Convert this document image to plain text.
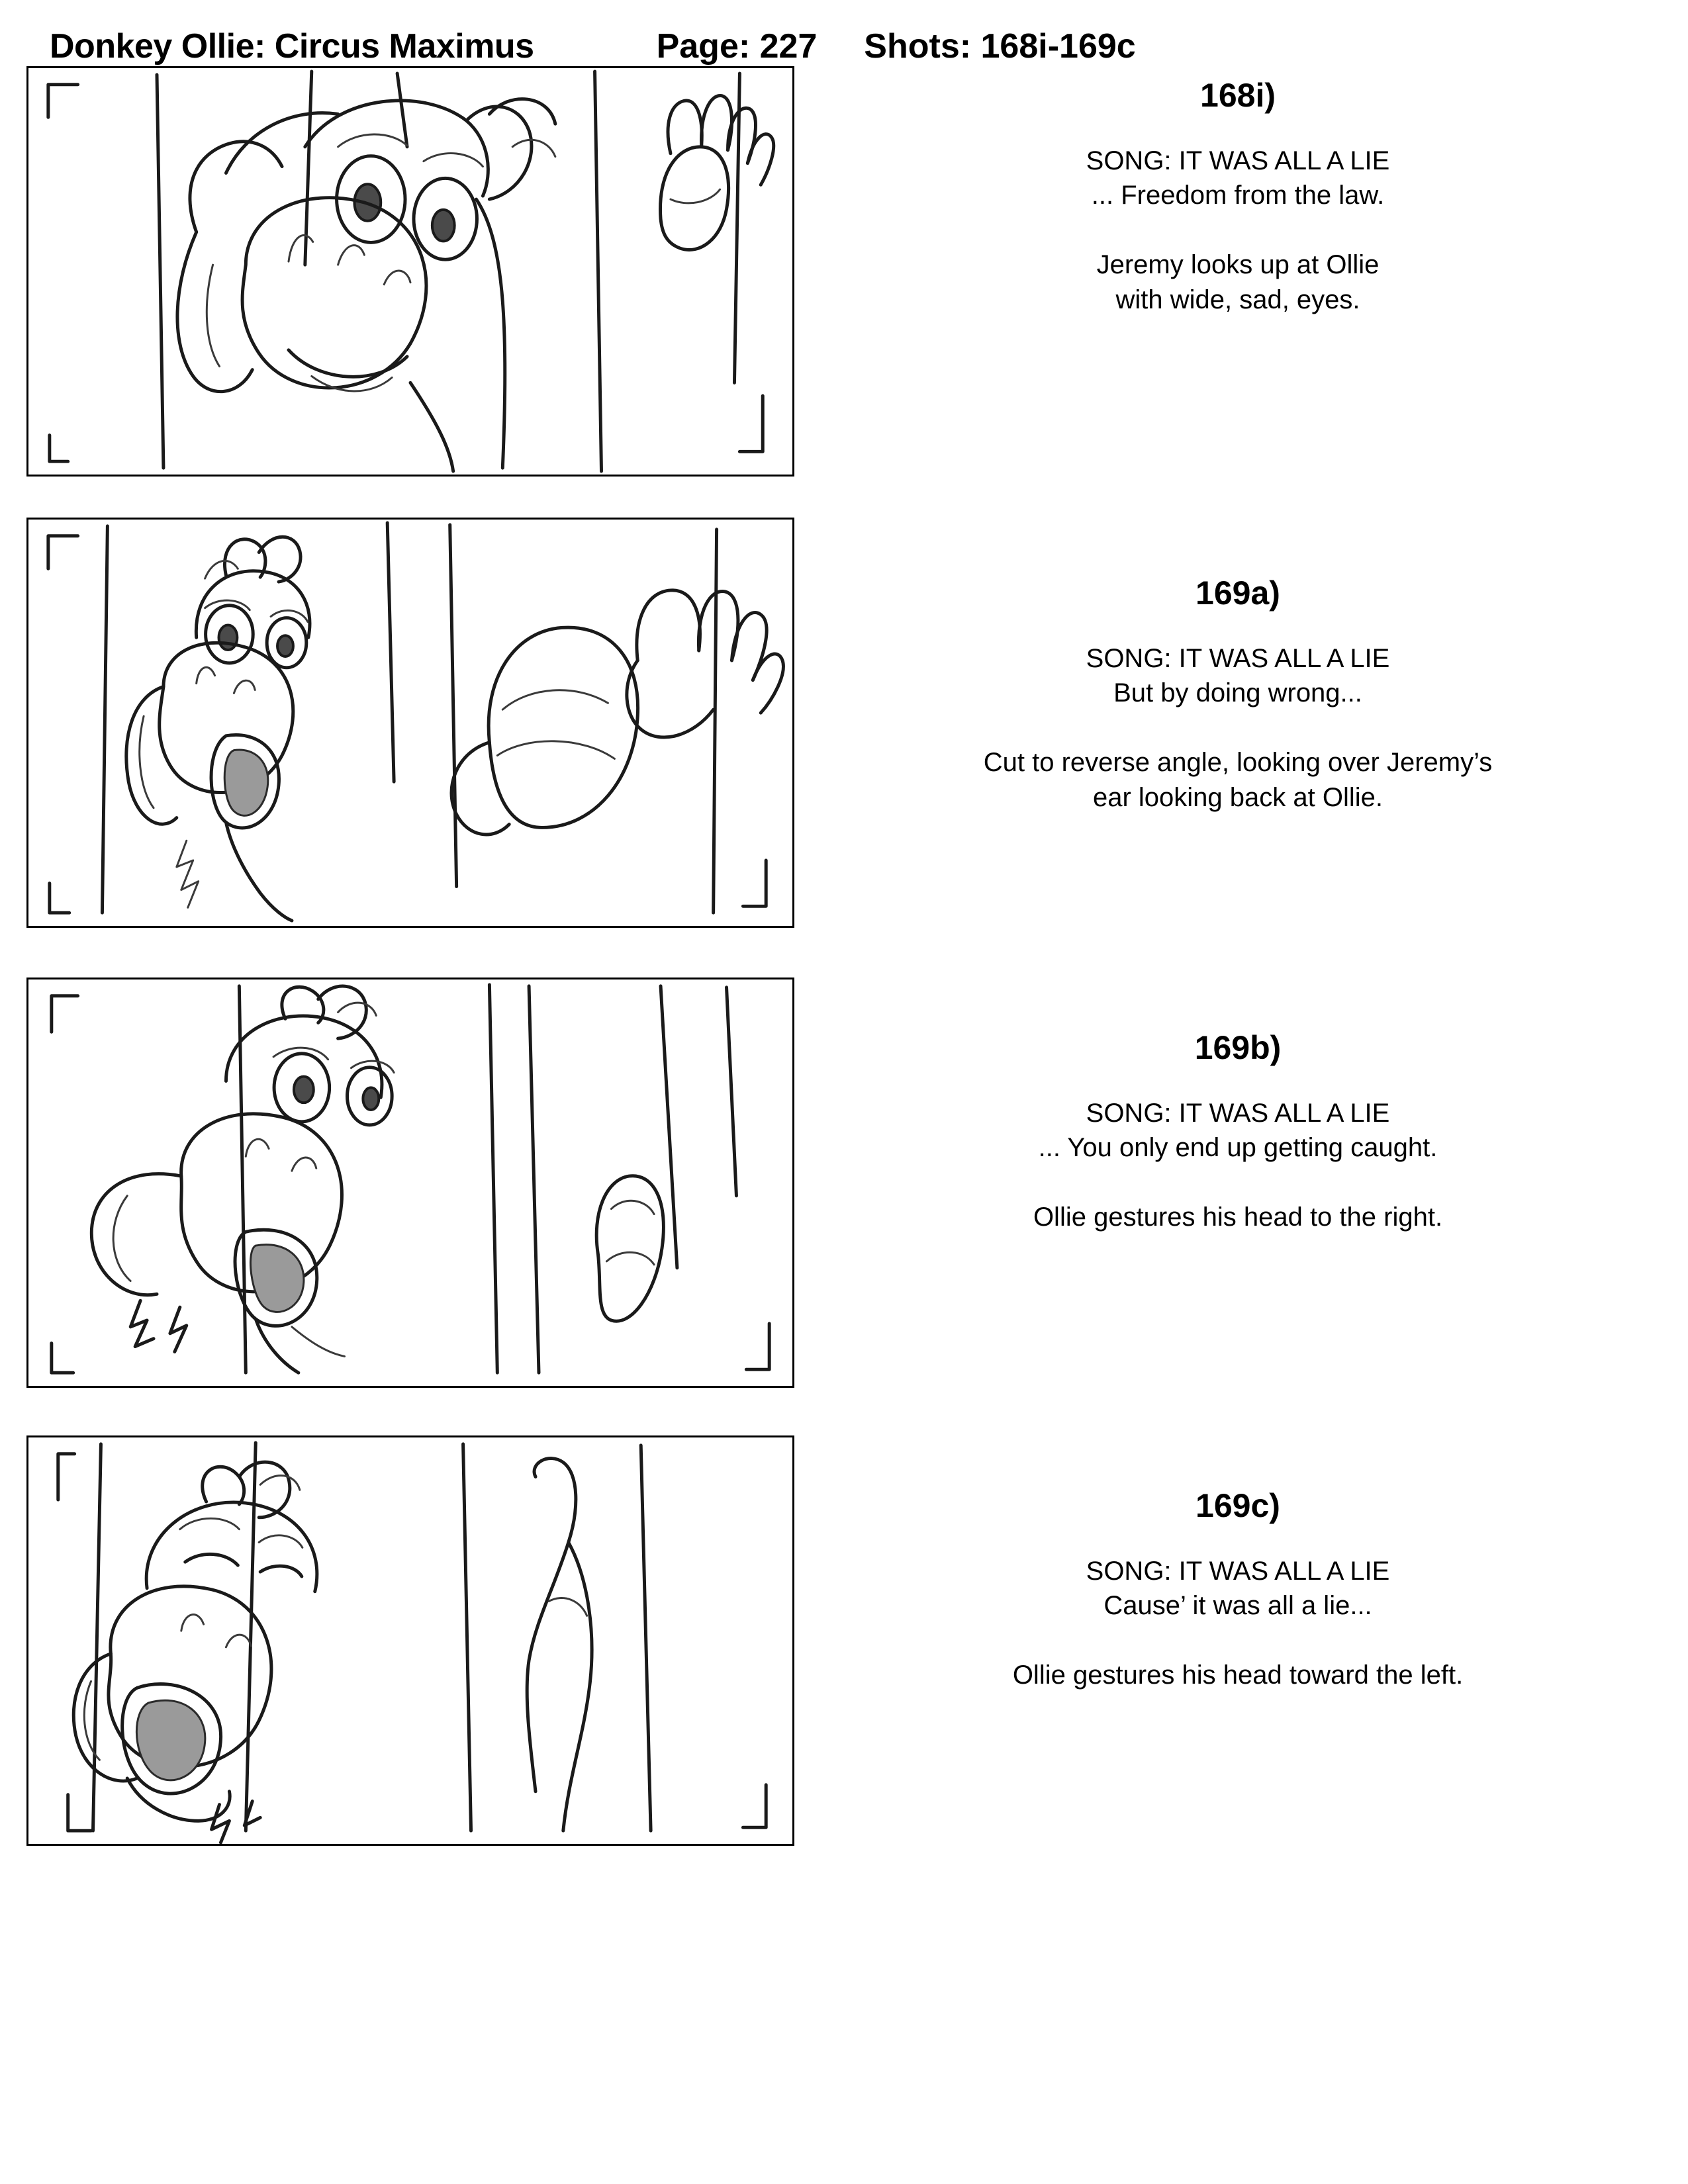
Donkey Ollie: Circus Maximus	Page: 227 Shots: 168i-169c
168i)

SONG: IT WAS ALL A LIE
... Freedom from the law.

Jeremy looks up at Ollie
with wide, sad, eyes.

169a)

SONG: IT WAS ALL A LIE
But by doing wrong...

Cut to reverse angle, looking over Jeremy’s
ear looking back at Ollie.

169b)

SONG: IT WAS ALL A LIE
... You only end up getting caught.

Ollie gestures his head to the right.

169c)

SONG: IT WAS ALL A LIE
Cause’ it was all a lie...

Ollie gestures his head toward the left.
